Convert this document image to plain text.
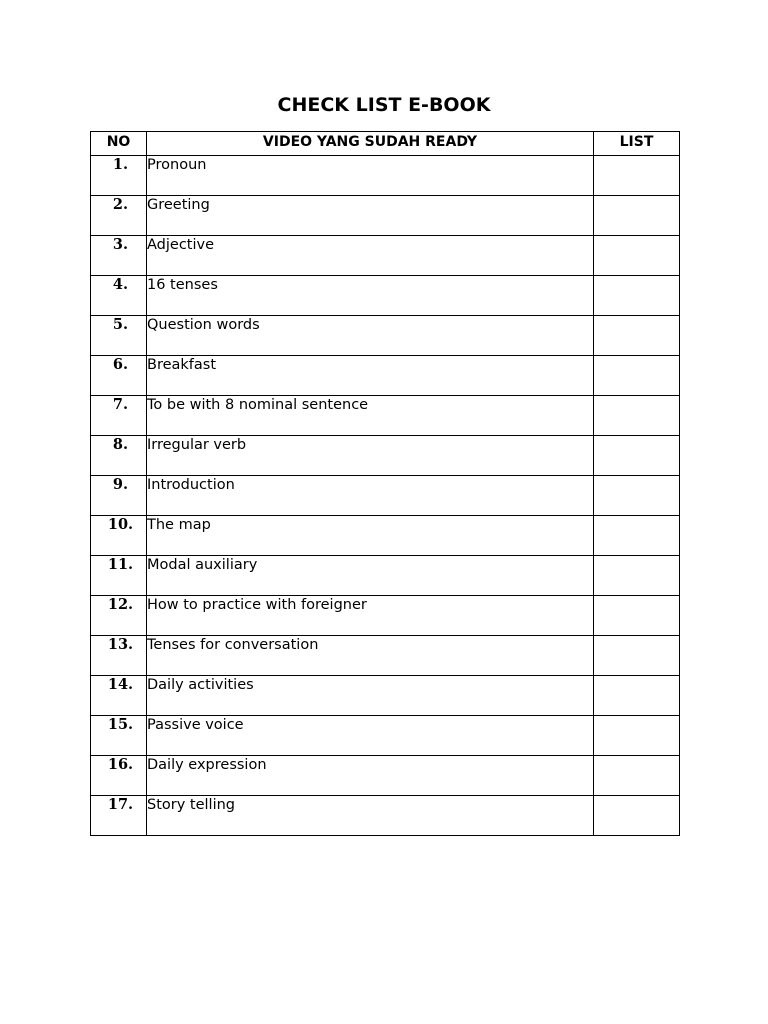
CHECK LIST E-BOOK
NO	VIDEO YANG SUDAH READY	LIST
1.	Pronoun	
2.	Greeting	
3.	Adjective	
4.	16 tenses	
5.	Question words	
6.	Breakfast	
7.	To be with 8 nominal sentence	
8.	Irregular verb	
9.	Introduction	
10.	The map	
11.	Modal auxiliary	
12.	How to practice with foreigner	
13.	Tenses for conversation	
14.	Daily activities	
15.	Passive voice	
16.	Daily expression	
17.	Story telling	
